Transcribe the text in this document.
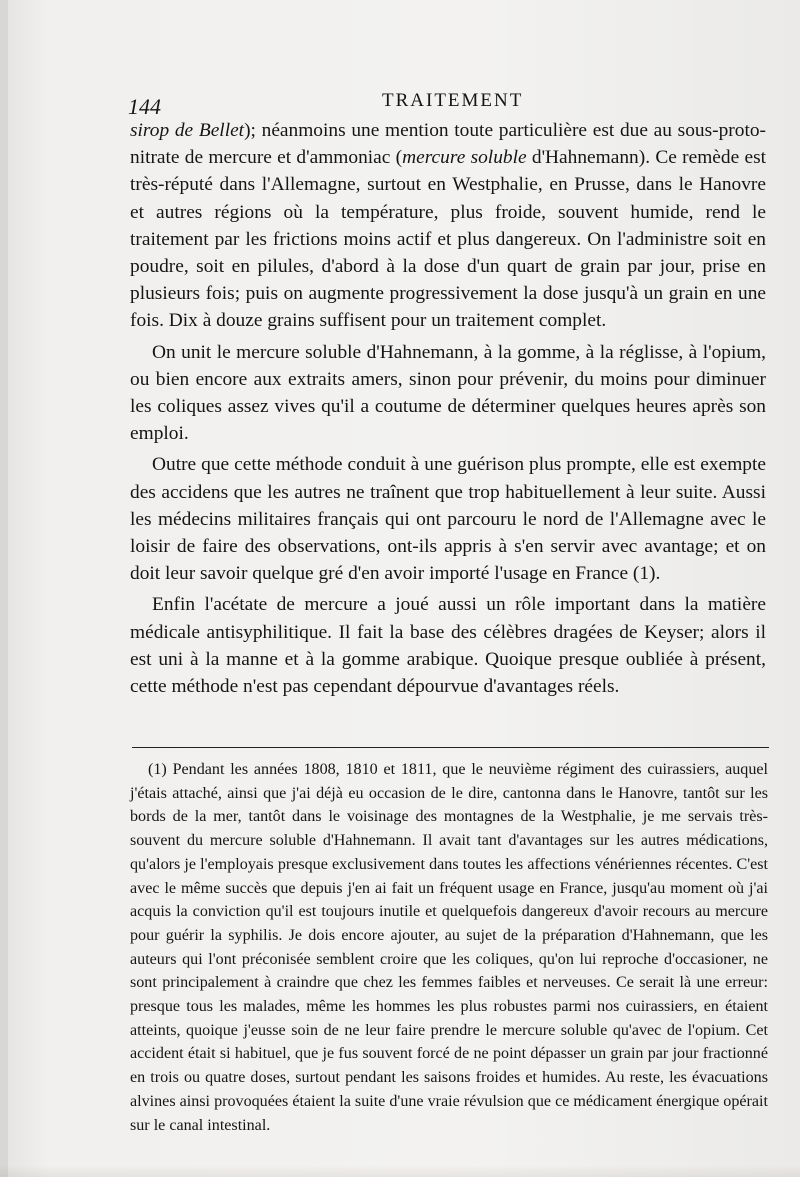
144	TRAITEMENT

sirop de Bellet); néanmoins une mention toute particulière est due au sous-proto-nitrate de mercure et d'ammoniac (mercure soluble d'Hahnemann). Ce remède est très-réputé dans l'Allemagne, surtout en Westphalie, en Prusse, dans le Hanovre et autres régions où la température, plus froide, souvent humide, rend le traitement par les frictions moins actif et plus dangereux. On l'administre soit en poudre, soit en pilules, d'abord à la dose d'un quart de grain par jour, prise en plusieurs fois; puis on augmente progressivement la dose jusqu'à un grain en une fois. Dix à douze grains suffisent pour un traitement complet.

On unit le mercure soluble d'Hahnemann, à la gomme, à la réglisse, à l'opium, ou bien encore aux extraits amers, sinon pour prévenir, du moins pour diminuer les coliques assez vives qu'il a coutume de déterminer quelques heures après son emploi.

Outre que cette méthode conduit à une guérison plus prompte, elle est exempte des accidens que les autres ne traînent que trop habituellement à leur suite. Aussi les médecins militaires français qui ont parcouru le nord de l'Allemagne avec le loisir de faire des observations, ont-ils appris à s'en servir avec avantage; et on doit leur savoir quelque gré d'en avoir importé l'usage en France (1).

Enfin l'acétate de mercure a joué aussi un rôle important dans la matière médicale antisyphilitique. Il fait la base des célèbres dragées de Keyser; alors il est uni à la manne et à la gomme arabique. Quoique presque oubliée à présent, cette méthode n'est pas cependant dépourvue d'avantages réels.

(1) Pendant les années 1808, 1810 et 1811, que le neuvième régiment des cuirassiers, auquel j'étais attaché, ainsi que j'ai déjà eu occasion de le dire, cantonna dans le Hanovre, tantôt sur les bords de la mer, tantôt dans le voisinage des montagnes de la Westphalie, je me servais très-souvent du mercure soluble d'Hahnemann. Il avait tant d'avantages sur les autres médications, qu'alors je l'employais presque exclusivement dans toutes les affections vénériennes récentes. C'est avec le même succès que depuis j'en ai fait un fréquent usage en France, jusqu'au moment où j'ai acquis la conviction qu'il est toujours inutile et quelquefois dangereux d'avoir recours au mercure pour guérir la syphilis. Je dois encore ajouter, au sujet de la préparation d'Hahnemann, que les auteurs qui l'ont préconisée semblent croire que les coliques, qu'on lui reproche d'occasioner, ne sont principalement à craindre que chez les femmes faibles et nerveuses. Ce serait là une erreur: presque tous les malades, même les hommes les plus robustes parmi nos cuirassiers, en étaient atteints, quoique j'eusse soin de ne leur faire prendre le mercure soluble qu'avec de l'opium. Cet accident était si habituel, que je fus souvent forcé de ne point dépasser un grain par jour fractionné en trois ou quatre doses, surtout pendant les saisons froides et humides. Au reste, les évacuations alvines ainsi provoquées étaient la suite d'une vraie révulsion que ce médicament énergique opérait sur le canal intestinal.
